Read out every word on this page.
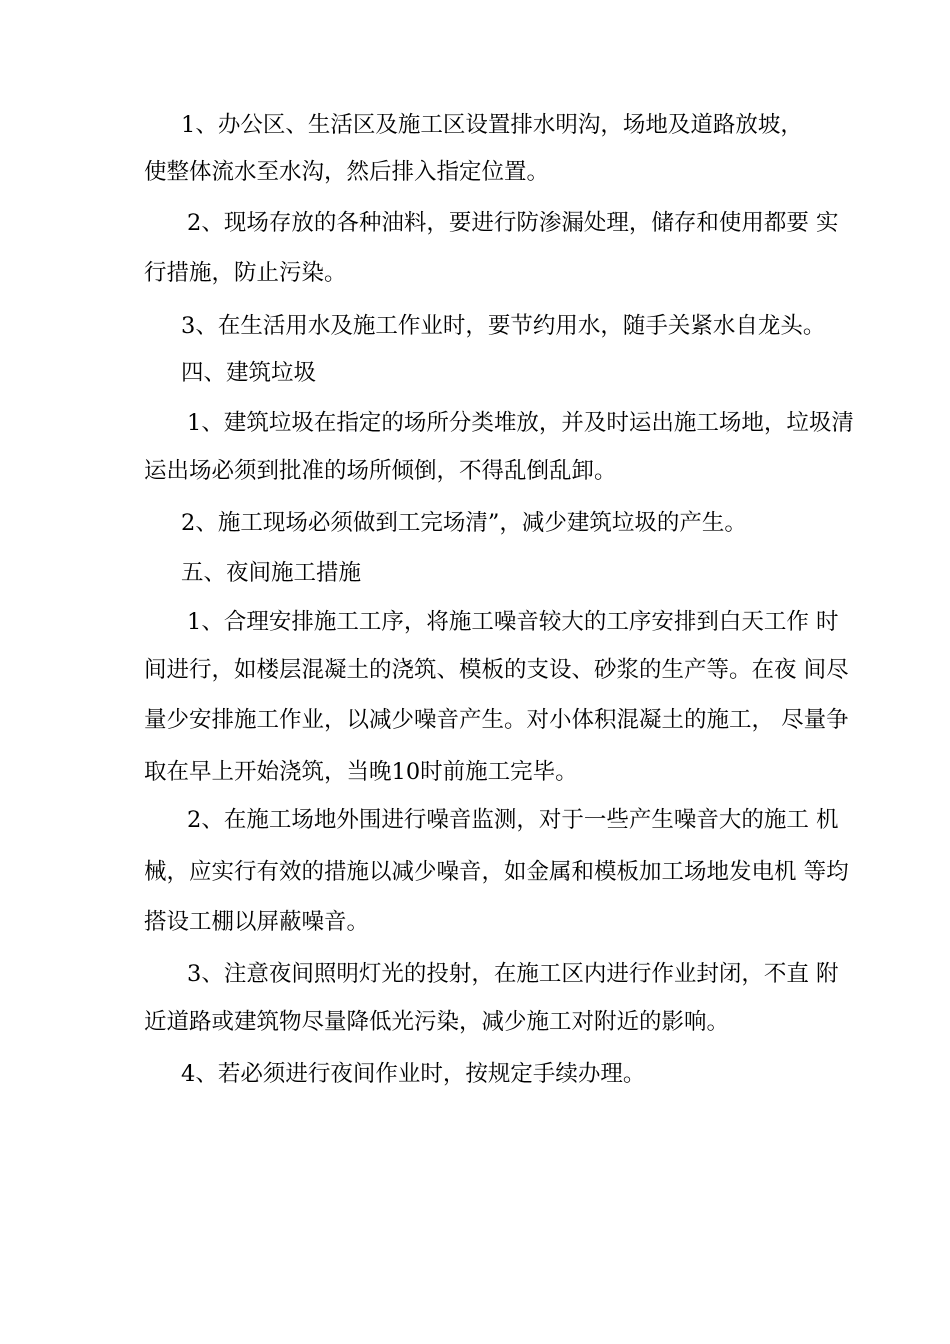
1、办公区、生活区及施工区设置排水明沟，场地及道路放坡，
使整体流水至水沟，然后排入指定位置。
2、现场存放的各种油料，要进行防渗漏处理，储存和使用都要 实
行措施，防止污染。
3、在生活用水及施工作业时，要节约用水，随手关紧水自龙头。
四、建筑垃圾
1、建筑垃圾在指定的场所分类堆放，并及时运出施工场地，垃圾清
运出场必须到批准的场所倾倒，不得乱倒乱卸。
2、施工现场必须做到工完场清”，减少建筑垃圾的产生。
五、夜间施工措施
1、合理安排施工工序，将施工噪音较大的工序安排到白天工作 时
间进行，如楼层混凝土的浇筑、模板的支设、砂浆的生产等。在夜 间尽
量少安排施工作业，以减少噪音产生。对小体积混凝土的施工， 尽量争
取在早上开始浇筑，当晚10时前施工完毕。
2、在施工场地外围进行噪音监测，对于一些产生噪音大的施工 机
械，应实行有效的措施以减少噪音，如金属和模板加工场地发电机 等均
搭设工棚以屏蔽噪音。
3、注意夜间照明灯光的投射，在施工区内进行作业封闭，不直 附
近道路或建筑物尽量降低光污染，减少施工对附近的影响。
4、若必须进行夜间作业时，按规定手续办理。
